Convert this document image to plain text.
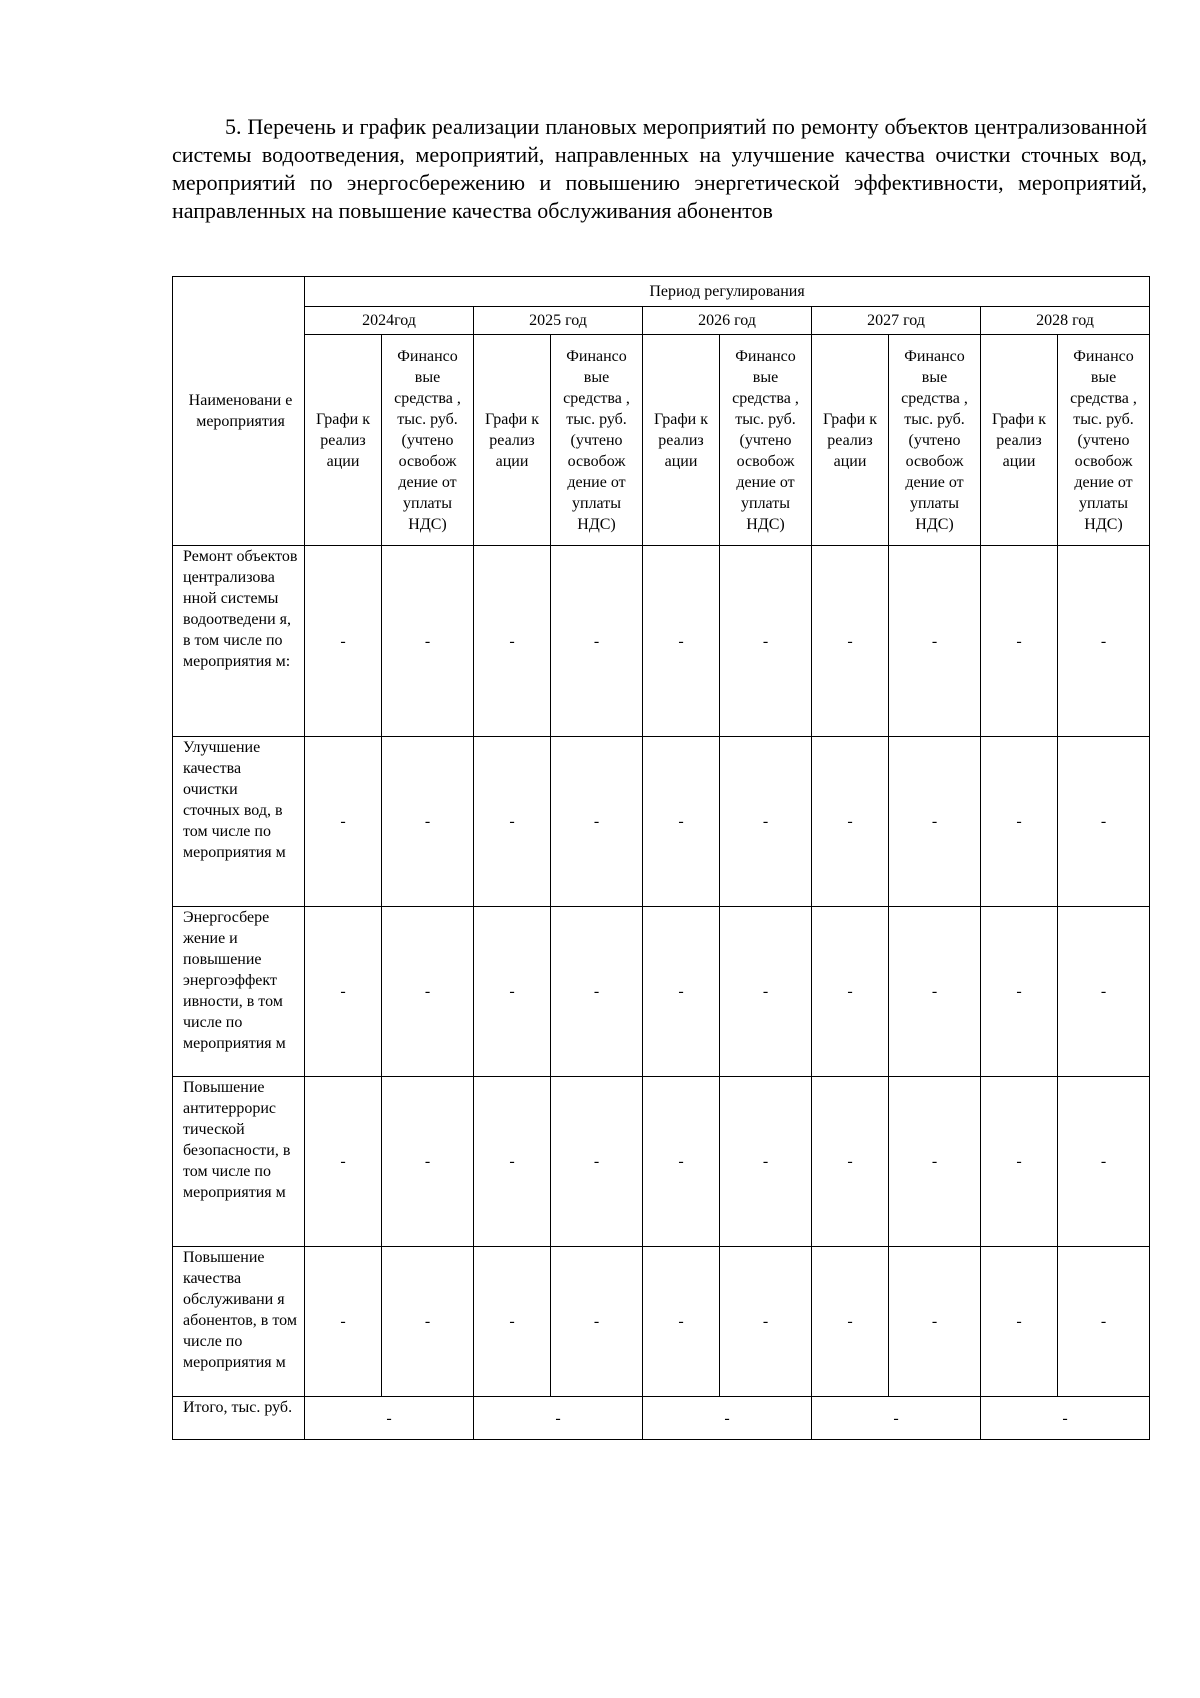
5. Перечень и график реализации плановых мероприятий по ремонту объектов централизованной системы водоотведения, мероприятий, направленных на улучшение качества очистки сточных вод, мероприятий по энергосбережению и повышению энергетической эффективности, мероприятий, направленных на повышение качества обслуживания абонентов

Наименовани е мероприятия	Период регулирования									
	2024год		2025 год		2026 год		2027 год		2028 год	
	Графи к реализ ации	Финансо вые средства , тыс. руб. (учтено освобож дение от уплаты НДС)	Графи к реализ ации	Финансо вые средства , тыс. руб. (учтено освобож дение от уплаты НДС)	Графи к реализ ации	Финансо вые средства , тыс. руб. (учтено освобож дение от уплаты НДС)	Графи к реализ ации	Финансо вые средства , тыс. руб. (учтено освобож дение от уплаты НДС)	Графи к реализ ации	Финансо вые средства , тыс. руб. (учтено освобож дение от уплаты НДС)
Ремонт объектов централизова нной системы водоотведени я, в том числе по мероприятия м:	-	-	-	-	-	-	-	-	-	-
Улучшение качества очистки сточных вод, в том числе по мероприятия м	-	-	-	-	-	-	-	-	-	-
Энергосбере жение и повышение энергоэффект ивности, в том числе по мероприятия м	-	-	-	-	-	-	-	-	-	-
Повышение антитеррорис тической безопасности, в том числе по мероприятия м	-	-	-	-	-	-	-	-	-	-
Повышение качества обслуживани я абонентов, в том числе по мероприятия м	-	-	-	-	-	-	-	-	-	-
Итого, тыс. руб.	-		-		-		-		-	
